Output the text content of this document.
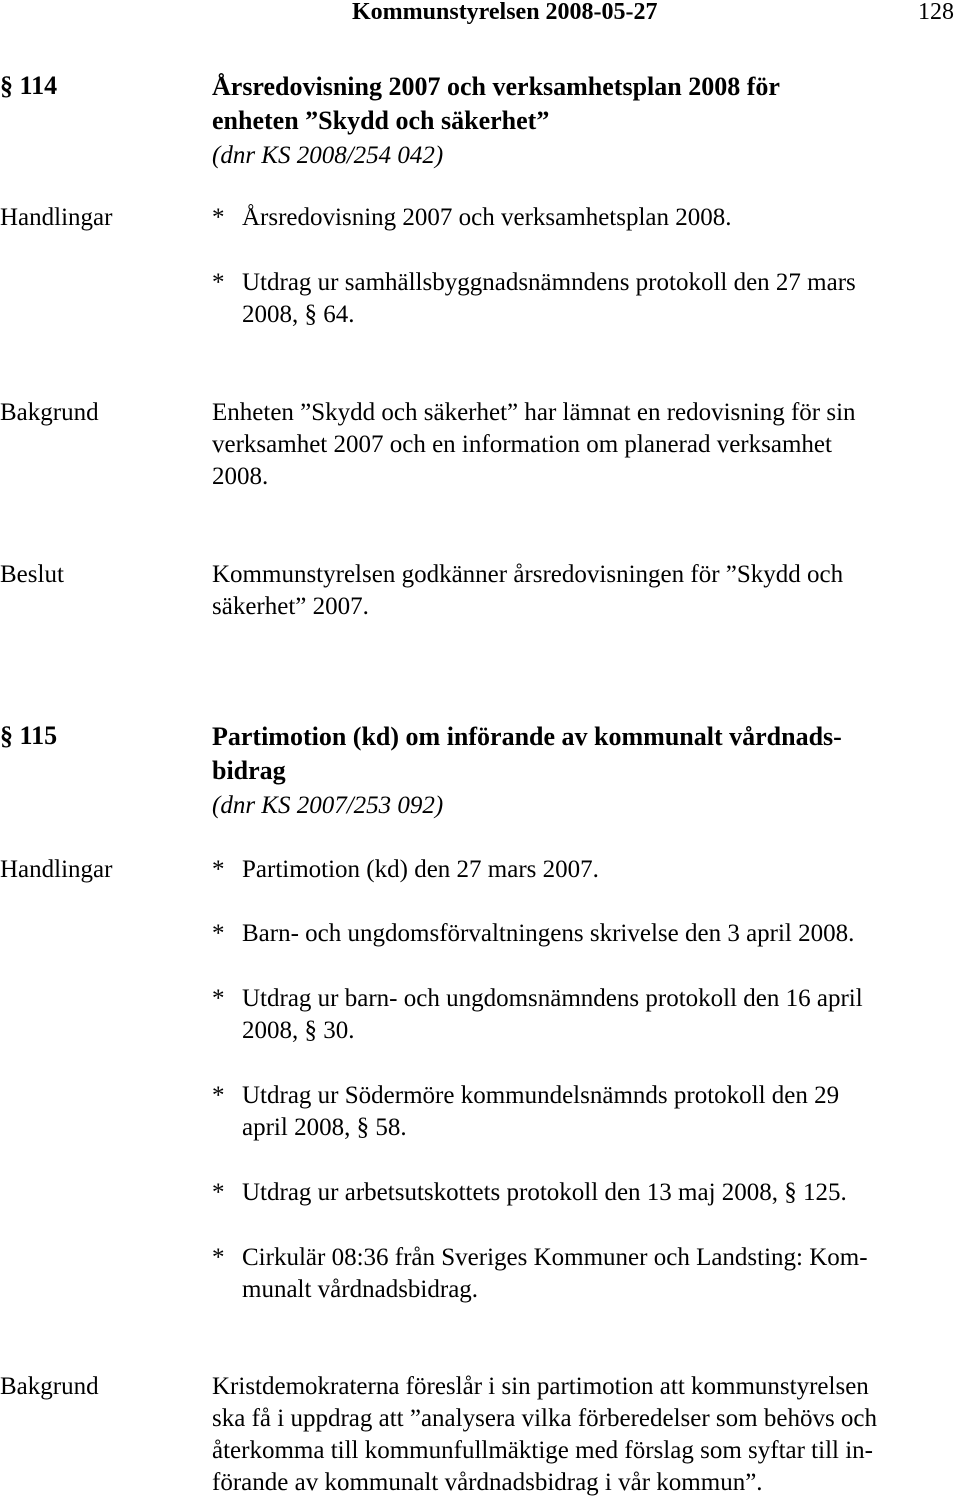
Kommunstyrelsen 2008-05-27	128
§ 114	Årsredovisning 2007 och verksamhetsplan 2008 för
enheten ”Skydd och säkerhet”
(dnr KS 2008/254 042)
Handlingar	* Årsredovisning 2007 och verksamhetsplan 2008.
* Utdrag ur samhällsbyggnadsnämndens protokoll den 27 mars
2008, § 64.
Bakgrund	Enheten ”Skydd och säkerhet” har lämnat en redovisning för sin
verksamhet 2007 och en information om planerad verksamhet
2008.
Beslut	Kommunstyrelsen godkänner årsredovisningen för ”Skydd och
säkerhet” 2007.
§ 115	Partimotion (kd) om införande av kommunalt vårdnads-
bidrag
(dnr KS 2007/253 092)
Handlingar	* Partimotion (kd) den 27 mars 2007.
* Barn- och ungdomsförvaltningens skrivelse den 3 april 2008.
* Utdrag ur barn- och ungdomsnämndens protokoll den 16 april
2008, § 30.
* Utdrag ur Södermöre kommundelsnämnds protokoll den 29
april 2008, § 58.
* Utdrag ur arbetsutskottets protokoll den 13 maj 2008, § 125.
* Cirkulär 08:36 från Sveriges Kommuner och Landsting: Kom-
munalt vårdnadsbidrag.
Bakgrund	Kristdemokraterna föreslår i sin partimotion att kommunstyrelsen
ska få i uppdrag att ”analysera vilka förberedelser som behövs och
återkomma till kommunfullmäktige med förslag som syftar till in-
förande av kommunalt vårdnadsbidrag i vår kommun”.
